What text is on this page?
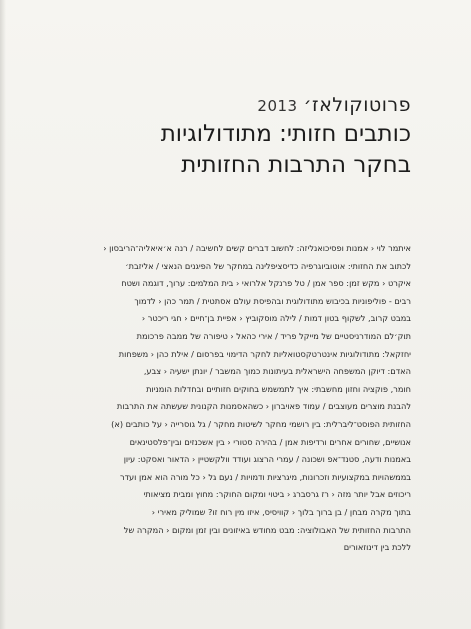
פרוטוקולאז׳2013
כותבים חזותי: מתודולוגיות
בחקר התרבות החזותית
איתמר לוי ‹ אמנות ופסיכואנליזה: לחשוב דברים קשים לחשיבה / רנה א׳איאליה־הריבסון ‹
לכתוב את החזותי: אוטוביוגרפיה כדיסציפלינה במחקר של הפיגנים הנאצי / אליזבת׳
איקרט ‹ מקש זמן: ספר אמן / טל פרנקל אלרואי ‹ בית המלמים: ערוך, דוגמה ושטח
רבים - פוליפוניות בכיבוש מתודולוגית ובהפיסת עולם אסתטית / תמר כהן ‹ לדמוך
במבט קרוב, לשקוף בטון דמות / לילה מוסקוביץ ‹ אפיית בן־חיים ‹ חגי ריכטר ‹
תוק׳לם המודרניסטיים של מייקל פריד / אירי כהאל ‹ טיפורה של ממבה פרכומת
יחזקאל: מתודולוגיות אינטרטקסטואליות לחקר הדימוי בפרסום / אילת כהן ‹ משפחות
האדם: דיוקן המשפחה הישראלית בעיתונות כמוך המשבר / יונתן ישעיה ‹ צבע,
חומר, פוקציה וחזון מחשבתי: איך לתמשמש בחוקים חזותיים ובחדלות הומניות
להבנת מוצרים מעוצבים / עמוד פאויברון ‹ כשהאסמנות הקנונית שעשתה את התרבות
החזותית הפוסט־ליברלית: בין רושמי מחקר לשיטות מחקר / גל גוסרייה ‹ על כותבים (א)
אנושיים, שחורים אחרים ורדיפות אמן / בהירה סטורי ‹ בין אשכנזים ובין־פלסטינאים
באמנות ודעה, סטנד־אפ ושכונה / עמרי הרצוג ועודד וולקשטיין ‹ הדאור ואסקט: עיון
בממשהויות במקצועיות וזכרונות, מיגרציות ודמויות / נעם גל ‹ כל מורה הוא אמן ועדר
ריכוזים אבל יותר מזה ‹ רז גרסברג ‹ ביטוי ומקום החוקר: מחוץ ומבית מציאותי
בתוך מקרה מבחן / בן ברוך בלוך ‹ קוויסיס, איזו מין רוח זו? שמוליק מאירי ‹
התרבות החזותית של האבולוציה: מבט מחודש באיזונים ובין זמן ומקום ‹ המקרה של
ללכת בין דינוזאורים
